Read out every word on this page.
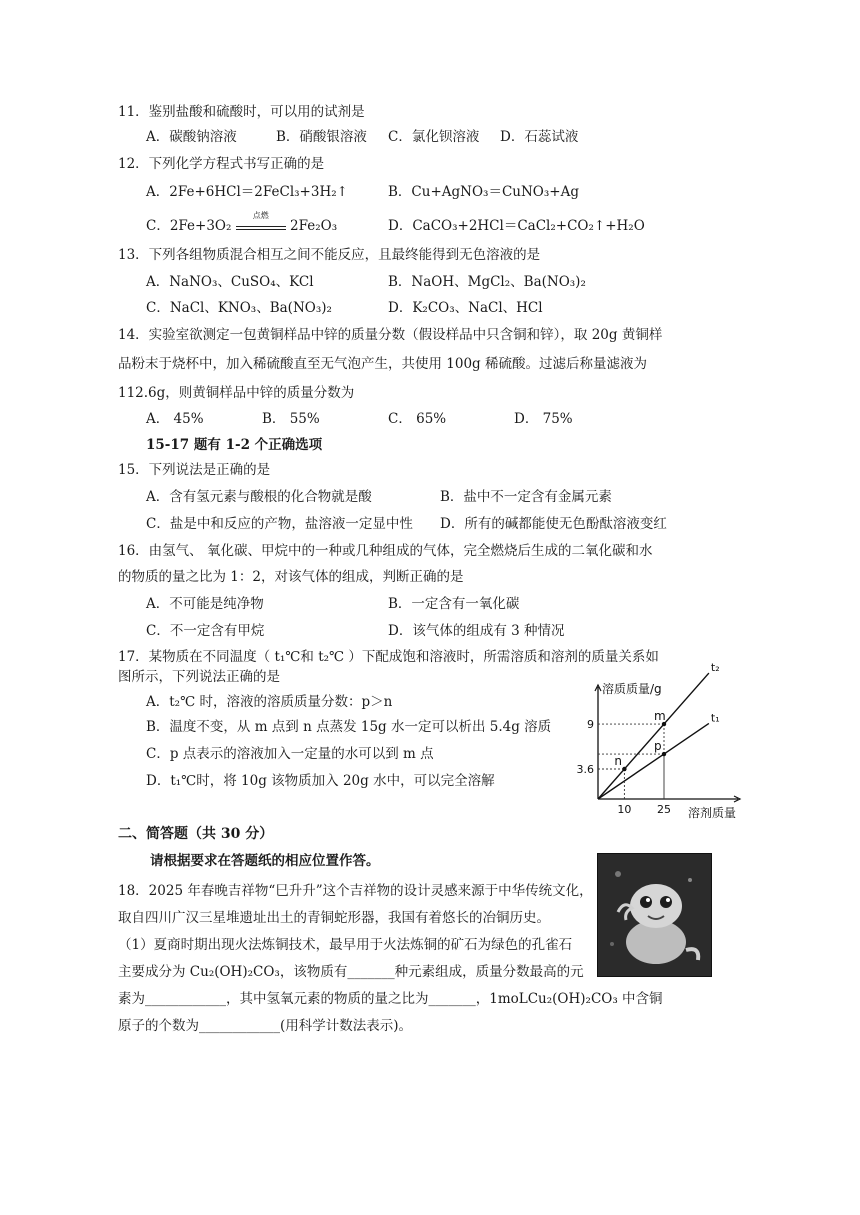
11．鉴别盐酸和硫酸时，可以用的试剂是
A．碳酸钠溶液	B．硝酸银溶液 C．氯化钡溶液 D．石蕊试液
12．下列化学方程式书写正确的是
A．2Fe+6HCl＝2FeCl₃+3H₂↑	B．Cu+AgNO₃＝CuNO₃+Ag
C．2Fe+3O₂
点燃
2Fe₂O₃	D．CaCO₃+2HCl＝CaCl₂+CO₂↑+H₂O
13．下列各组物质混合相互之间不能反应，且最终能得到无色溶液的是
A．NaNO₃、CuSO₄、KCl	B．NaOH、MgCl₂、Ba(NO₃)₂
C．NaCl、KNO₃、Ba(NO₃)₂	D．K₂CO₃、NaCl、HCl
14．实验室欲测定一包黄铜样品中锌的质量分数（假设样品中只含铜和锌），取 20g 黄铜样
品粉末于烧杯中，加入稀硫酸直至无气泡产生，共使用 100g 稀硫酸。过滤后称量滤液为
112.6g，则黄铜样品中锌的质量分数为
A． 45%	B． 55%	C． 65%	D． 75%
15-17 题有 1-2 个正确选项
15．下列说法是正确的是
A．含有氢元素与酸根的化合物就是酸	B．盐中不一定含有金属元素
C．盐是中和反应的产物，盐溶液一定显中性 D．所有的碱都能使无色酚酞溶液变红
16．由氢气、 氧化碳、甲烷中的一种或几种组成的气体，完全燃烧后生成的二氧化碳和水
的物质的量之比为 1：2，对该气体的组成，判断正确的是
A．不可能是纯净物	B．一定含有一氧化碳
C．不一定含有甲烷	D．该气体的组成有 3 种情况
17．某物质在不同温度（ t₁℃和 t₂℃ ）下配成饱和溶液时，所需溶质和溶剂的质量关系如
图所示，下列说法正确的是
A．t₂℃ 时，溶液的溶质质量分数：p＞n
B．温度不变，从 m 点到 n 点蒸发 15g 水一定可以析出 5.4g 溶质
C．p 点表示的溶液加入一定量的水可以到 m 点
D．t₁℃时，将 10g 该物质加入 20g 水中，可以完全溶解
溶质质量/g
溶剂质量
t₂
t₁
m
n
p
3.6
9
10 25
二、简答题（共 30 分）
请根据要求在答题纸的相应位置作答。
18．2025 年春晚吉祥物“巳升升”这个吉祥物的设计灵感来源于中华传统文化，
取自四川广汉三星堆遗址出土的青铜蛇形器，我国有着悠长的冶铜历史。
（1）夏商时期出现火法炼铜技术，最早用于火法炼铜的矿石为绿色的孔雀石
主要成分为 Cu₂(OH)₂CO₃，该物质有_______种元素组成，质量分数最高的元
素为____________，其中氢氧元素的物质的量之比为_______，1moLCu₂(OH)₂CO₃ 中含铜
原子的个数为____________(用科学计数法表示)。
